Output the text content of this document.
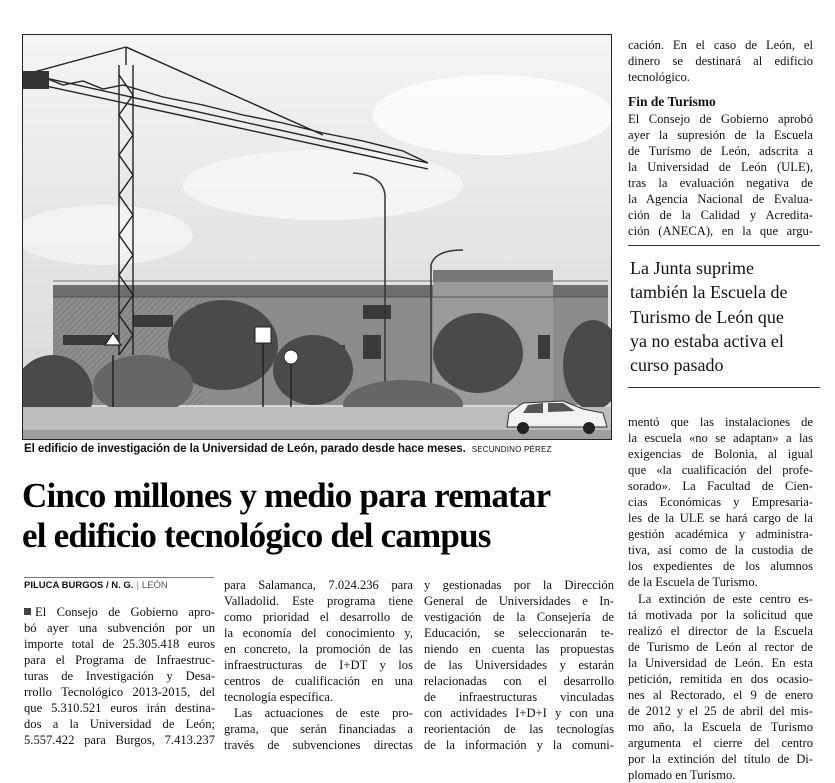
El edificio de investigación de la Universidad de León, parado desde hace meses. SECUNDINO PÉREZ
Cinco millones y medio para rematar
el edificio tecnológico del campus
PILUCA BURGOS / N. G. | LEÓN
El Consejo de Gobierno apro-
bó ayer una subvención por un
importe total de 25.305.418 euros
para el Programa de Infraestruc-
turas de Investigación y Desa-
rrollo Tecnológico 2013-2015, del
que 5.310.521 euros irán destina-
dos a la Universidad de León;
5.557.422 para Burgos, 7.413.237
para Salamanca, 7.024.236 para
Valladolid. Este programa tiene
como prioridad el desarrollo de
la economía del conocimiento y,
en concreto, la promoción de las
infraestructuras de I+DT y los
centros de cualificación en una
tecnología específica.
Las actuaciones de este pro-
grama, que serán financiadas a
través de subvenciones directas
y gestionadas por la Dirección
General de Universidades e In-
vestigación de la Consejería de
Educación, se seleccionarán te-
niendo en cuenta las propuestas
de las Universidades y estarán
relacionadas con el desarrollo
de infraestructuras vinculadas
con actividades I+D+I y con una
reorientación de las tecnologías
de la información y la comuni-
cación. En el caso de León, el
dinero se destinará al edificio
tecnológico.
Fin de Turismo
El Consejo de Gobierno aprobó
ayer la supresión de la Escuela
de Turismo de León, adscrita a
la Universidad de León (ULE),
tras la evaluación negativa de
la Agencia Nacional de Evalua-
ción de la Calidad y Acredita-
ción (ANECA), en la que argu-
La Junta suprime
también la Escuela de
Turismo de León que
ya no estaba activa el
curso pasado
mentó que las instalaciones de
la escuela «no se adaptan» a las
exigencias de Bolonia, al igual
que «la cualificación del profe-
sorado». La Facultad de Cien-
cias Económicas y Empresaria-
les de la ULE se hará cargo de la
gestión académica y administra-
tiva, así como de la custodia de
los expedientes de los alumnos
de la Escuela de Turismo.
La extinción de este centro es-
tá motivada por la solicitud que
realizó el director de la Escuela
de Turismo de León al rector de
la Universidad de León. En esta
petición, remitida en dos ocasio-
nes al Rectorado, el 9 de enero
de 2012 y el 25 de abril del mis-
mo año, la Escuela de Turismo
argumenta el cierre del centro
por la extinción del título de Di-
plomado en Turismo.
